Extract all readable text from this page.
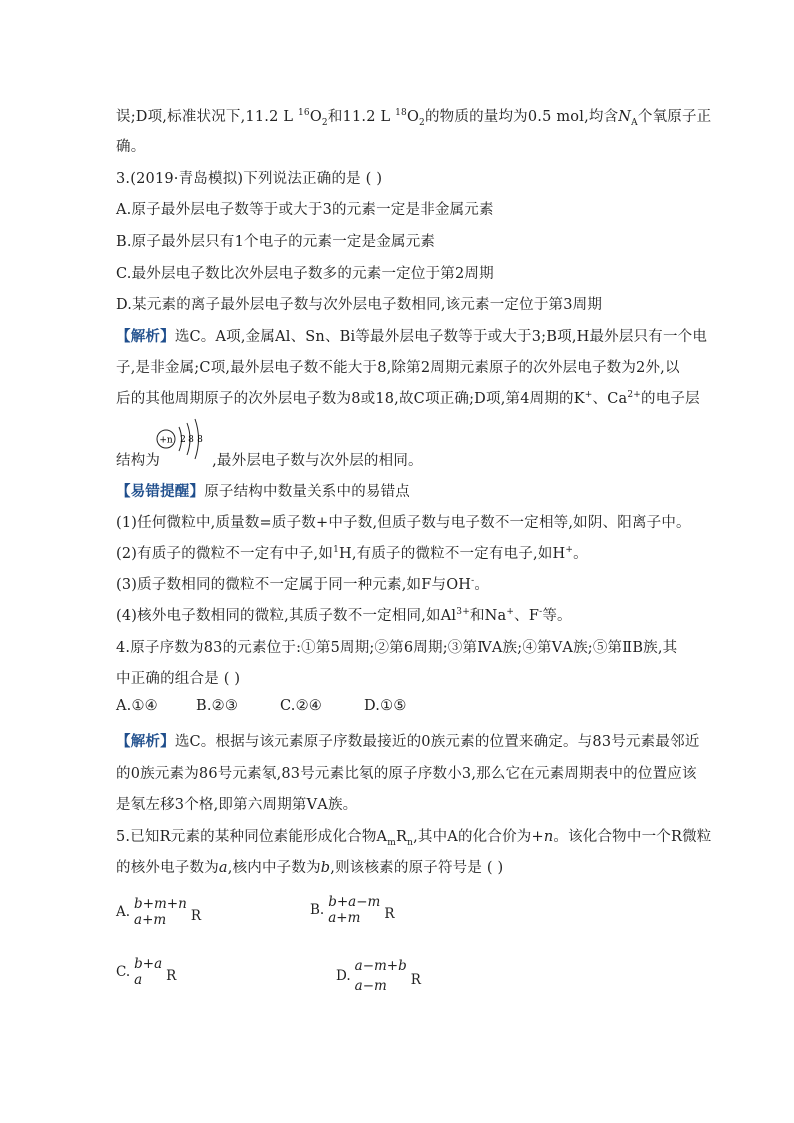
误;D项,标准状况下,11.2 L $^{16}O_2$和11.2 L $^{18}O_2$的物质的量均为0.5 mol,均含$N_A$个氧原子正
确。
3.(2019·青岛模拟)下列说法正确的是 ( )
A.原子最外层电子数等于或大于3的元素一定是非金属元素
B.原子最外层只有1个电子的元素一定是金属元素
C.最外层电子数比次外层电子数多的元素一定位于第2周期
D.某元素的离子最外层电子数与次外层电子数相同,该元素一定位于第3周期
【解析】选C。A项,金属Al、Sn、Bi等最外层电子数等于或大于3;B项,H最外层只有一个电
子,是非金属;C项,最外层电子数不能大于8,除第2周期元素原子的次外层电子数为2外,以
后的其他周期原子的次外层电子数为8或18,故C项正确;D项,第4周期的K+、$Ca^{2+}$的电子层
结构为	,最外层电子数与次外层的相同。
+n 2 8 8
【易错提醒】原子结构中数量关系中的易错点
(1)任何微粒中,质量数=质子数+中子数,但质子数与电子数不一定相等,如阴、阳离子中。
(2)有质子的微粒不一定有中子,如$^1$H,有质子的微粒不一定有电子,如H+。
(3)质子数相同的微粒不一定属于同一种元素,如F与OH-。
(4)核外电子数相同的微粒,其质子数不一定相同,如$Al^{3+}$和Na+、F-等。
4.原子序数为83的元素位于:①第5周期;②第6周期;③第ⅣA族;④第ⅤA族;⑤第ⅡB族,其
中正确的组合是 ( )
A.①④	B.②③	C.②④	D.①⑤
【解析】选C。根据与该元素原子序数最接近的0族元素的位置来确定。与83号元素最邻近
的0族元素为86号元素氡,83号元素比氡的原子序数小3,那么它在元素周期表中的位置应该
是氡左移3个格,即第六周期第ⅤA族。
5.已知R元素的某种同位素能形成化合物$A_mR_n$,其中A的化合价为+n。该化合物中一个R微粒
的核外电子数为a,核内中子数为b,则该核素的原子符号是 ( )
A. b+m+n
a+m	R	B. b+a−m
a+m	R
C. b+a
a	R	D.
a−m+b
a−m	R
